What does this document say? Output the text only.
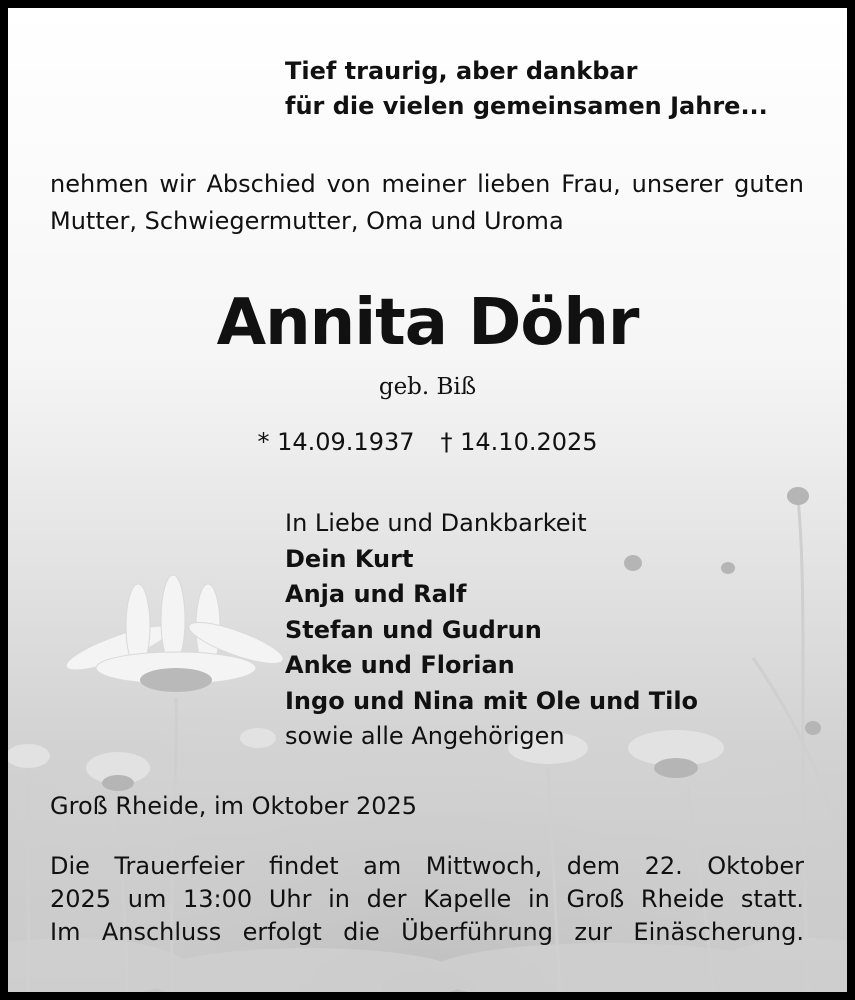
Tief traurig, aber dankbar
für die vielen gemeinsamen Jahre...

nehmen wir Abschied von meiner lieben Frau, unserer guten Mutter, Schwiegermutter, Oma und Uroma

Annita Döhr
geb. Biß
* 14.09.1937 † 14.10.2025
In Liebe und Dankbarkeit
Dein Kurt
Anja und Ralf
Stefan und Gudrun
Anke und Florian
Ingo und Nina mit Ole und Tilo
sowie alle Angehörigen
Groß Rheide, im Oktober 2025
Die Trauerfeier findet am Mittwoch, dem 22. Oktober
2025 um 13:00 Uhr in der Kapelle in Groß Rheide statt.
Im Anschluss erfolgt die Überführung zur Einäscherung.
